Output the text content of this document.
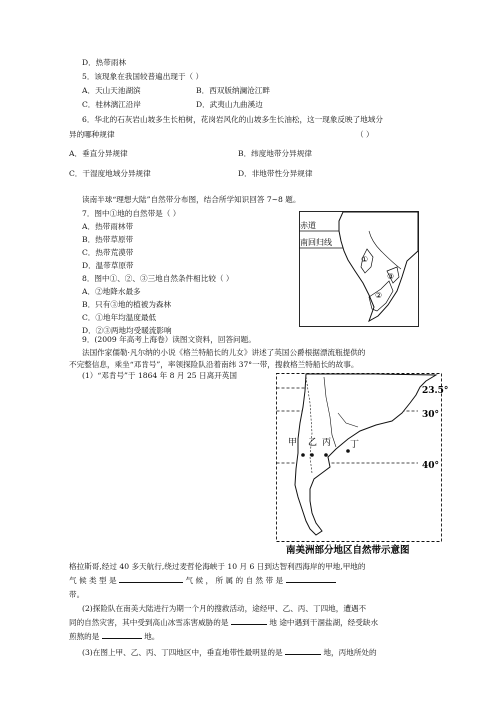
D．热带雨林
5．该现象在我国较普遍出现于（ ）
A．天山天池湖滨	B．西双版纳澜沧江畔
C．桂林漓江沿岸	D．武夷山九曲溪边
6．华北的石灰岩山坡多生长柏树，花岗岩风化的山坡多生长油松，这一现象反映了地域分
异的哪种规律	（ ）
A．垂直分异规律	B．纬度地带分异规律
C．干湿度地域分异规律	D．非地带性分异规律
读南半球“理想大陆”自然带分布图，结合所学知识回答 7~8 题。
7．图中①地的自然带是（ ）
A．热带雨林带
B．热带草原带
C．热带荒漠带
D．温带草原带
8．图中①、②、③三地自然条件相比较（ ）
A．②地降水最多
B．只有③地的植被为森林
C．①地年均温度最低
D．②③两地均受暖流影响
赤道
南回归线
①
②
③
9．(2009 年高考上海卷）读图文资料，回答问题。
法国作家儒勒·凡尔纳的小说《格兰特船长的儿女》讲述了英国公爵根据漂流瓶提供的
不完整信息，乘坐“邓肯号”，率领探险队沿着南纬 37°一带，搜救格兰特船长的故事。
(1）“邓肯号”于 1864 年 8 月 25 日离开英国
23.5°
30°
40°
甲 乙 丙 丁
南美洲部分地区自然带示意图
格拉斯哥,经过 40 多天航行,绕过麦哲伦海峡于 10 月 6 日到达智利西海岸的甲地,甲地的
气 候 类 型 是	气 候 ， 所 属 的 自 然 带 是
带。
(2)探险队在南美大陆进行为期一个月的搜救活动，途经甲、乙、丙、丁四地，遭遇不
同的自然灾害，其中受到高山冰雪冻害威胁的是	地 途中遇到干涸盐湖，经受缺水
煎熬的是	地。
(3)在图上甲、乙、丙、丁四地区中，垂直地带性最明显的是	地，丙地所处的
